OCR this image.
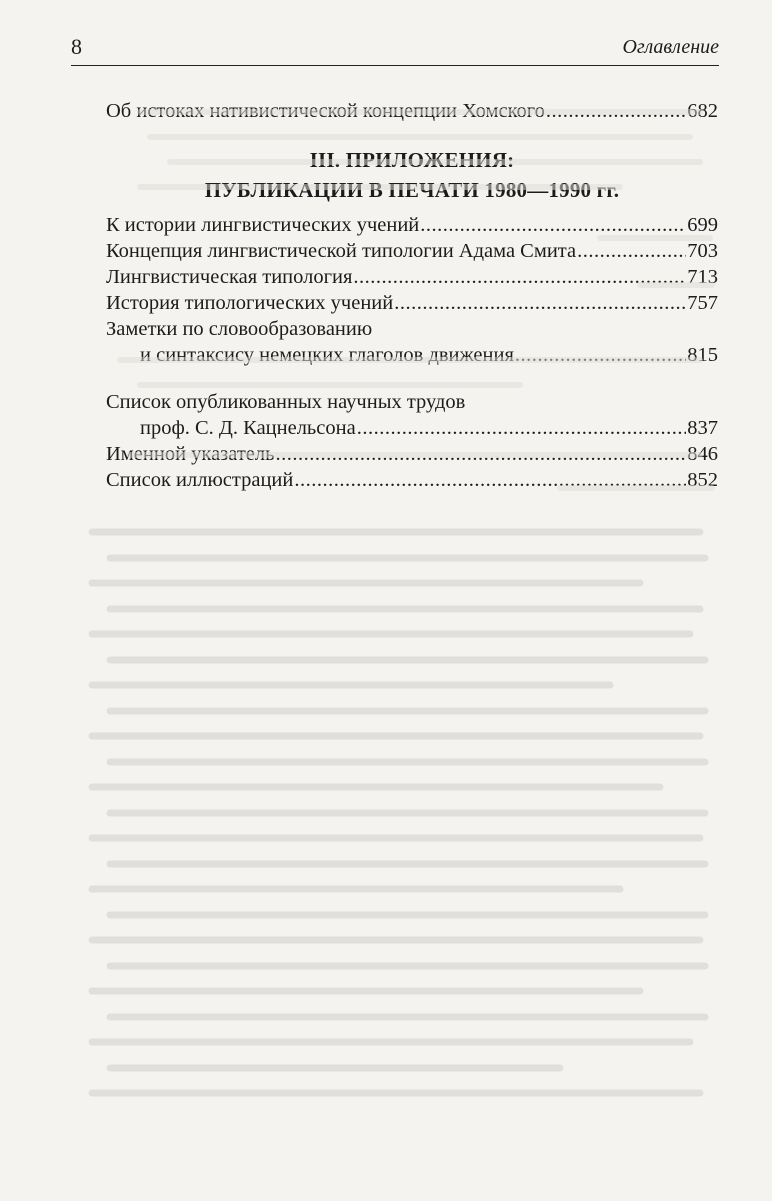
8	Оглавление
Об истоках нативистической концепции Хомского .....	682
III. ПРИЛОЖЕНИЯ:
ПУБЛИКАЦИИ В ПЕЧАТИ 1980—1990 гг.
К истории лингвистических учений .....	699
Концепция лингвистической типологии Адама Смита .....	703
Лингвистическая типология .....	713
История типологических учений .....	757
Заметки по словообразованию
и синтаксису немецких глаголов движения .....	815
Список опубликованных научных трудов
проф. С. Д. Кацнельсона .....	837
Именной указатель .....	846
Список иллюстраций .....	852
